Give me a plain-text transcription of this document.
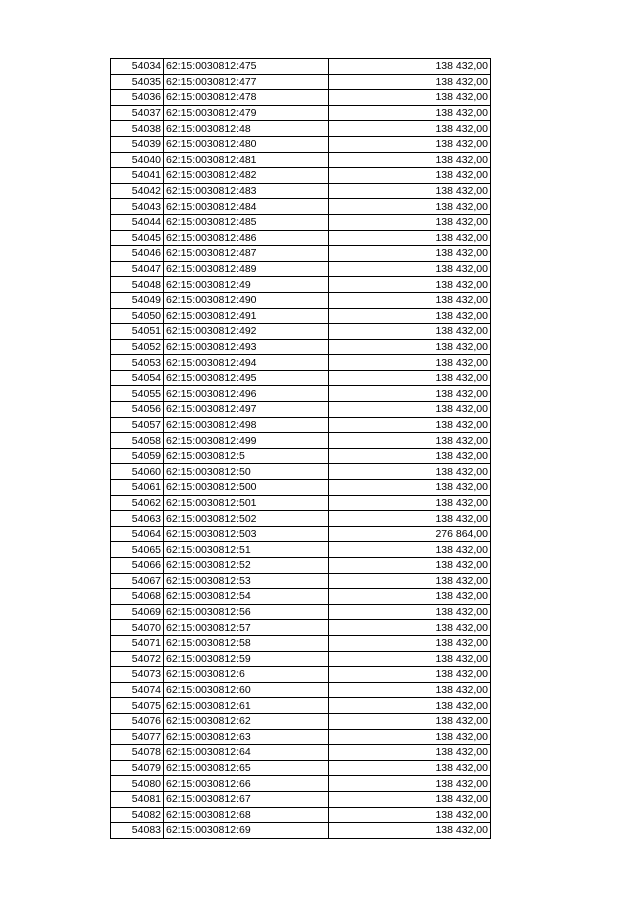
54034	62:15:0030812:475	138 432,00
54035	62:15:0030812:477	138 432,00
54036	62:15:0030812:478	138 432,00
54037	62:15:0030812:479	138 432,00
54038	62:15:0030812:48	138 432,00
54039	62:15:0030812:480	138 432,00
54040	62:15:0030812:481	138 432,00
54041	62:15:0030812:482	138 432,00
54042	62:15:0030812:483	138 432,00
54043	62:15:0030812:484	138 432,00
54044	62:15:0030812:485	138 432,00
54045	62:15:0030812:486	138 432,00
54046	62:15:0030812:487	138 432,00
54047	62:15:0030812:489	138 432,00
54048	62:15:0030812:49	138 432,00
54049	62:15:0030812:490	138 432,00
54050	62:15:0030812:491	138 432,00
54051	62:15:0030812:492	138 432,00
54052	62:15:0030812:493	138 432,00
54053	62:15:0030812:494	138 432,00
54054	62:15:0030812:495	138 432,00
54055	62:15:0030812:496	138 432,00
54056	62:15:0030812:497	138 432,00
54057	62:15:0030812:498	138 432,00
54058	62:15:0030812:499	138 432,00
54059	62:15:0030812:5	138 432,00
54060	62:15:0030812:50	138 432,00
54061	62:15:0030812:500	138 432,00
54062	62:15:0030812:501	138 432,00
54063	62:15:0030812:502	138 432,00
54064	62:15:0030812:503	276 864,00
54065	62:15:0030812:51	138 432,00
54066	62:15:0030812:52	138 432,00
54067	62:15:0030812:53	138 432,00
54068	62:15:0030812:54	138 432,00
54069	62:15:0030812:56	138 432,00
54070	62:15:0030812:57	138 432,00
54071	62:15:0030812:58	138 432,00
54072	62:15:0030812:59	138 432,00
54073	62:15:0030812:6	138 432,00
54074	62:15:0030812:60	138 432,00
54075	62:15:0030812:61	138 432,00
54076	62:15:0030812:62	138 432,00
54077	62:15:0030812:63	138 432,00
54078	62:15:0030812:64	138 432,00
54079	62:15:0030812:65	138 432,00
54080	62:15:0030812:66	138 432,00
54081	62:15:0030812:67	138 432,00
54082	62:15:0030812:68	138 432,00
54083	62:15:0030812:69	138 432,00
